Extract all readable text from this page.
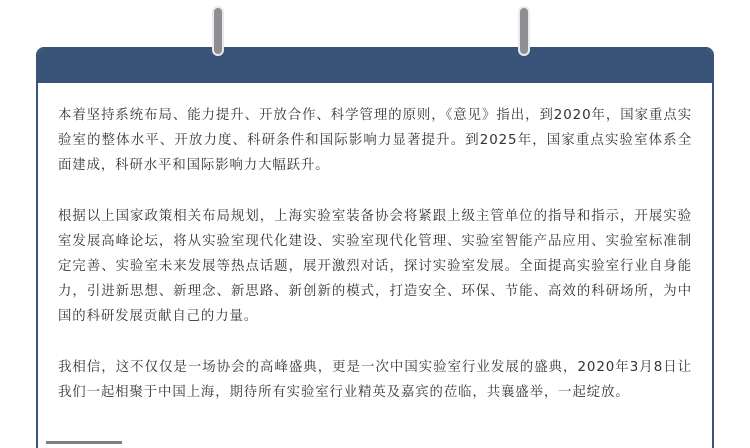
本着坚持系统布局、能力提升、开放合作、科学管理的原则，《意见》指出，到2020年，国家重点实验室的整体水平、开放力度、科研条件和国际影响力显著提升。到2025年，国家重点实验室体系全面建成，科研水平和国际影响力大幅跃升。

根据以上国家政策相关布局规划，上海实验室装备协会将紧跟上级主管单位的指导和指示，开展实验室发展高峰论坛，将从实验室现代化建设、实验室现代化管理、实验室智能产品应用、实验室标准制定完善、实验室未来发展等热点话题，展开激烈对话，探讨实验室发展。全面提高实验室行业自身能力，引进新思想、新理念、新思路、新创新的模式，打造安全、环保、节能、高效的科研场所，为中国的科研发展贡献自己的力量。

我相信，这不仅仅是一场协会的高峰盛典，更是一次中国实验室行业发展的盛典，2020年3月8日让我们一起相聚于中国上海，期待所有实验室行业精英及嘉宾的莅临，共襄盛举，一起绽放。
